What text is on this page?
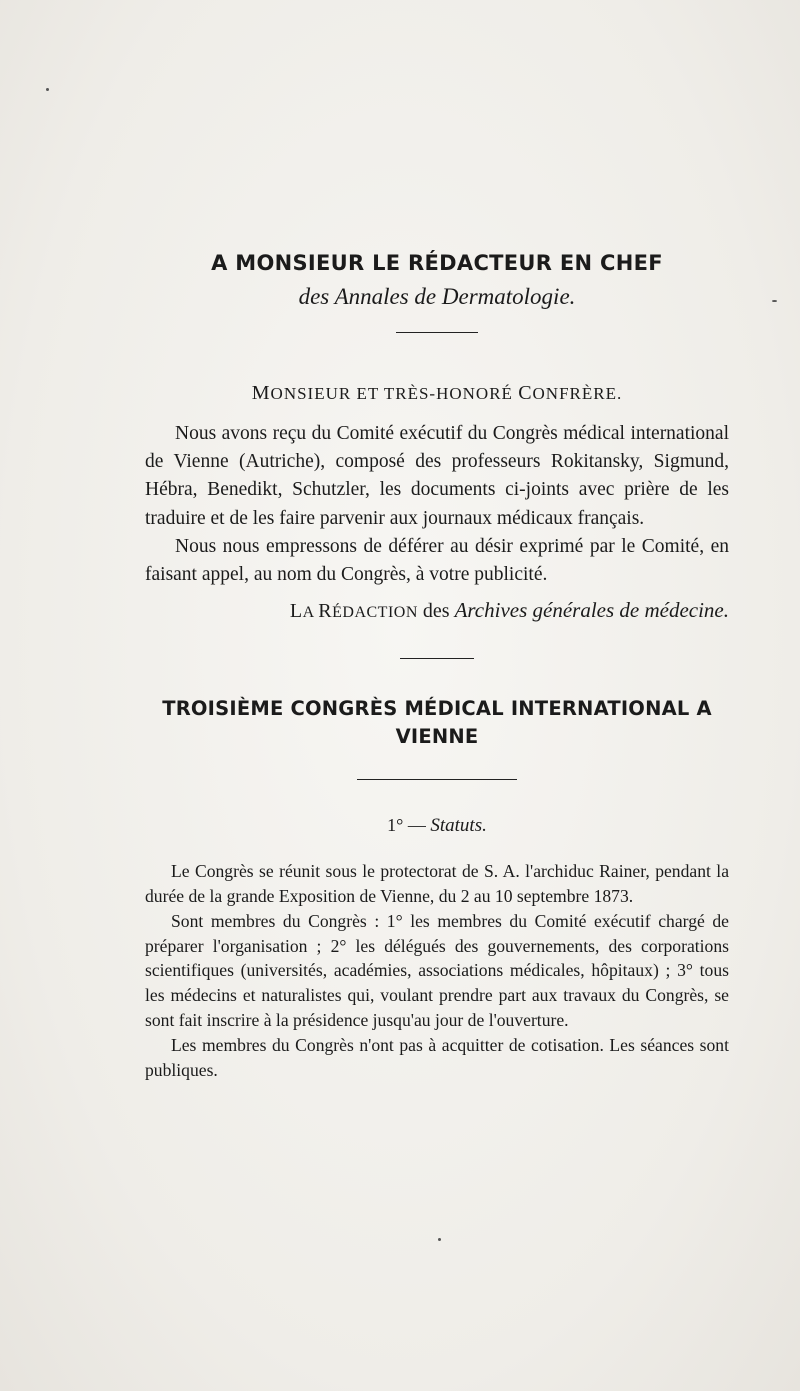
A MONSIEUR LE RÉDACTEUR EN CHEF
des Annales de Dermatologie.
MONSIEUR ET TRÈS-HONORÉ CONFRÈRE.

Nous avons reçu du Comité exécutif du Congrès médical international de Vienne (Autriche), composé des professeurs Rokitansky, Sigmund, Hébra, Benedikt, Schutzler, les documents ci-joints avec prière de les traduire et de les faire parvenir aux journaux médicaux français.

Nous nous empressons de déférer au désir exprimé par le Comité, en faisant appel, au nom du Congrès, à votre publicité.

LA RÉDACTION des Archives générales de médecine.
TROISIÈME CONGRÈS MÉDICAL INTERNATIONAL A VIENNE
1° — Statuts.

Le Congrès se réunit sous le protectorat de S. A. l'archiduc Rainer, pendant la durée de la grande Exposition de Vienne, du 2 au 10 septembre 1873.

Sont membres du Congrès : 1° les membres du Comité exécutif chargé de préparer l'organisation ; 2° les délégués des gouvernements, des corporations scientifiques (universités, académies, associations médicales, hôpitaux) ; 3° tous les médecins et naturalistes qui, voulant prendre part aux travaux du Congrès, se sont fait inscrire à la présidence jusqu'au jour de l'ouverture.

Les membres du Congrès n'ont pas à acquitter de cotisation. Les séances sont publiques.
